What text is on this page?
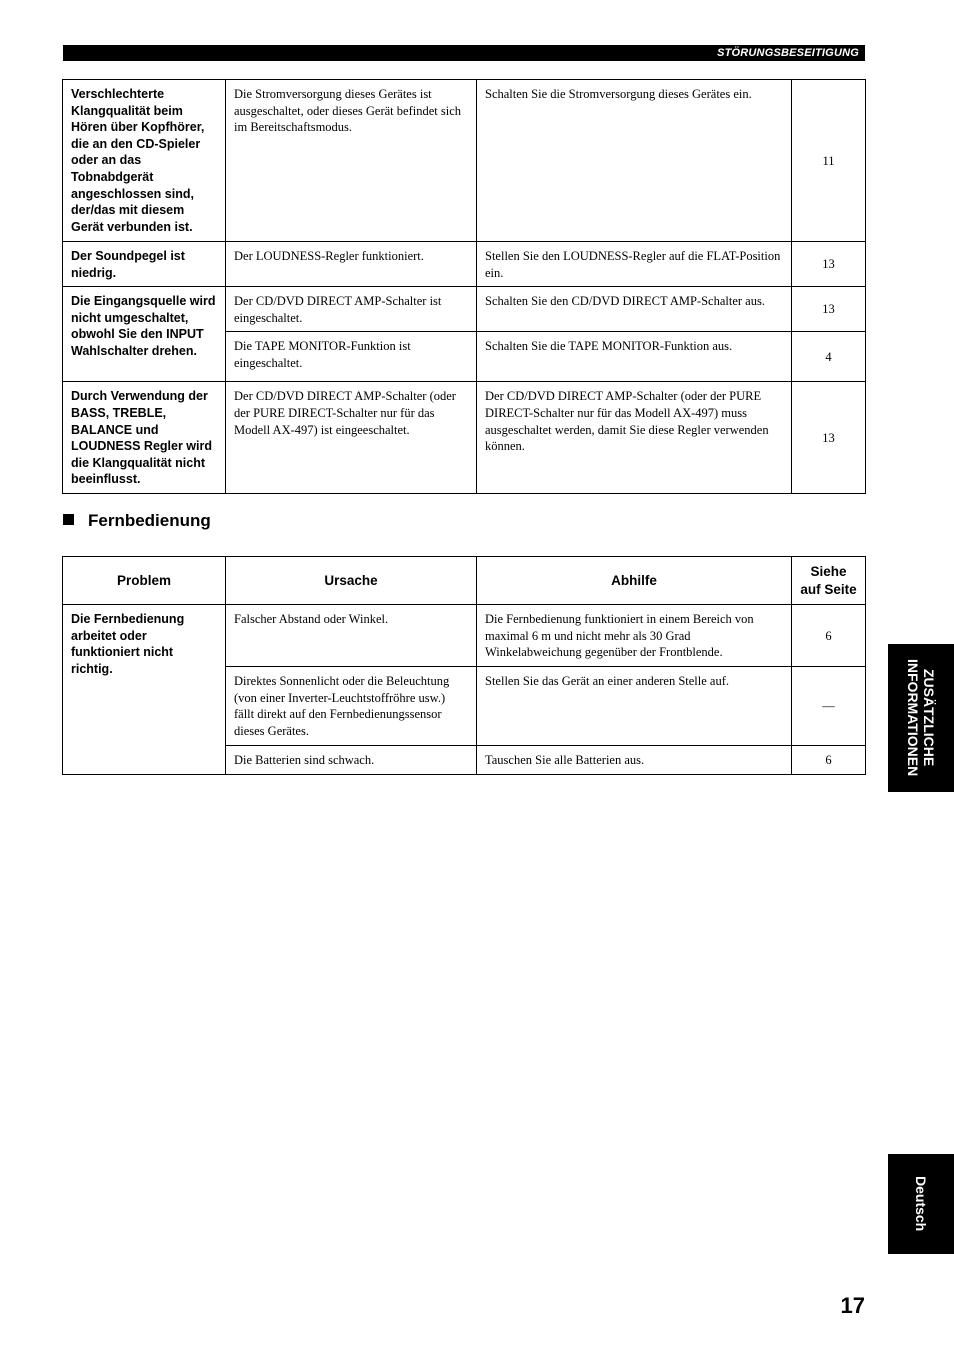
STÖRUNGSBESEITIGUNG
Verschlechterte Klangqualität beim Hören über Kopfhörer, die an den CD-Spieler oder an das Tobnabdgerät angeschlossen sind, der/das mit diesem Gerät verbunden ist.	Die Stromversorgung dieses Gerätes ist ausgeschaltet, oder dieses Gerät befindet sich im Bereitschaftsmodus.	Schalten Sie die Stromversorgung dieses Gerätes ein.	11
Der Soundpegel ist niedrig.	Der LOUDNESS-Regler funktioniert.	Stellen Sie den LOUDNESS-Regler auf die FLAT-Position ein.	13
Die Eingangsquelle wird nicht umgeschaltet, obwohl Sie den INPUT Wahlschalter drehen.	Der CD/DVD DIRECT AMP-Schalter ist eingeschaltet.	Schalten Sie den CD/DVD DIRECT AMP-Schalter aus.	13
	Die TAPE MONITOR-Funktion ist eingeschaltet.	Schalten Sie die TAPE MONITOR-Funktion aus.	4
Durch Verwendung der BASS, TREBLE, BALANCE und LOUDNESS Regler wird die Klangqualität nicht beeinflusst.	Der CD/DVD DIRECT AMP-Schalter (oder der PURE DIRECT-Schalter nur für das Modell AX-497) ist eingeeschaltet.	Der CD/DVD DIRECT AMP-Schalter (oder der PURE DIRECT-Schalter nur für das Modell AX-497) muss ausgeschaltet werden, damit Sie diese Regler verwenden können.	13
Fernbedienung
Problem	Ursache	Abhilfe	Siehe
auf Seite
Die Fernbedienung arbeitet oder funktioniert nicht richtig.	Falscher Abstand oder Winkel.	Die Fernbedienung funktioniert in einem Bereich von maximal 6 m und nicht mehr als 30 Grad Winkelabweichung gegenüber der Frontblende.	6
	Direktes Sonnenlicht oder die Beleuchtung (von einer Inverter-Leuchtstoffröhre usw.) fällt direkt auf den Fernbedienungssensor dieses Gerätes.	Stellen Sie das Gerät an einer anderen Stelle auf.	—
	Die Batterien sind schwach.	Tauschen Sie alle Batterien aus.	6	ZUSÄTZLICHE
INFORMATIONEN
Deutsch
17
